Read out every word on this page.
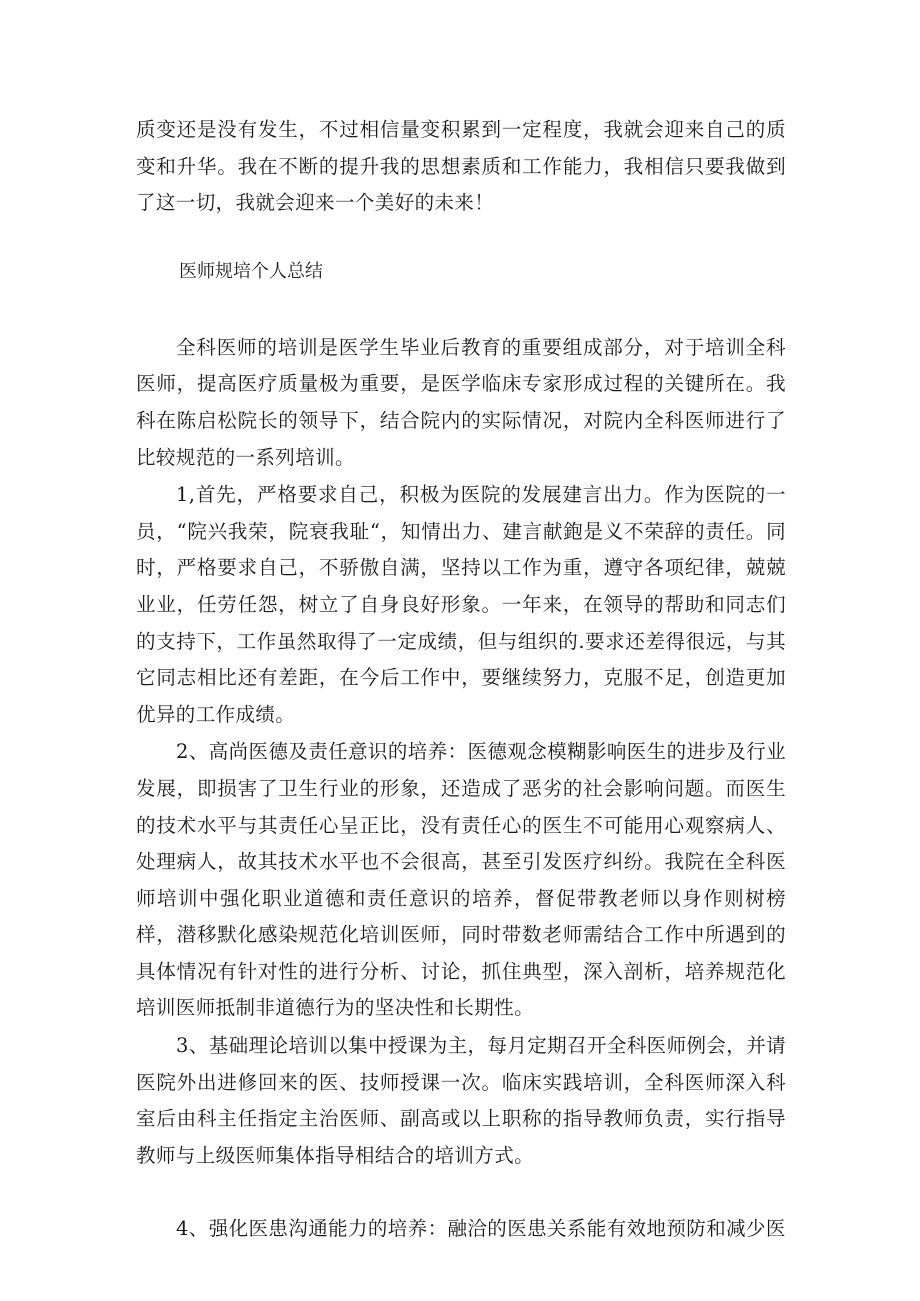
质变还是没有发生，不过相信量变积累到一定程度，我就会迎来自己的质变和升华。我在不断的提升我的思想素质和工作能力，我相信只要我做到了这一切，我就会迎来一个美好的未来！

医师规培个人总结

全科医师的培训是医学生毕业后教育的重要组成部分，对于培训全科医师，提高医疗质量极为重要，是医学临床专家形成过程的关键所在。我科在陈启松院长的领导下，结合院内的实际情况，对院内全科医师进行了比较规范的一系列培训。

1,首先，严格要求自己，积极为医院的发展建言出力。作为医院的一员，“院兴我荣，院衰我耻“，知情出力、建言献鉋是义不荣辞的责任。同时，严格要求自己，不骄傲自满，坚持以工作为重，遵守各项纪律，兢兢业业，任劳任怨，树立了自身良好形象。一年来，在领导的帮助和同志们的支持下，工作虽然取得了一定成绩，但与组织的.要求还差得很远，与其它同志相比还有差距，在今后工作中，要继续努力，克服不足，创造更加优异的工作成绩。

2、高尚医德及责任意识的培养：医德观念模糊影响医生的进步及行业发展，即损害了卫生行业的形象，还造成了恶劣的社会影响问题。而医生的技术水平与其责任心呈正比，没有责任心的医生不可能用心观察病人、处理病人，故其技术水平也不会很高，甚至引发医疗纠纷。我院在全科医师培训中强化职业道德和责任意识的培养，督促带教老师以身作则树榜样，潜移默化感染规范化培训医师，同时带数老师需结合工作中所遇到的具体情况有针对性的进行分析、讨论，抓住典型，深入剖析，培养规范化培训医师抵制非道德行为的坚决性和长期性。

3、基础理论培训以集中授课为主，每月定期召开全科医师例会，并请医院外出进修回来的医、技师授课一次。临床实践培训，全科医师深入科室后由科主任指定主治医师、副高或以上职称的指导教师负责，实行指导教师与上级医师集体指导相结合的培训方式。

4、强化医患沟通能力的培养：融洽的医患关系能有效地预防和减少医
